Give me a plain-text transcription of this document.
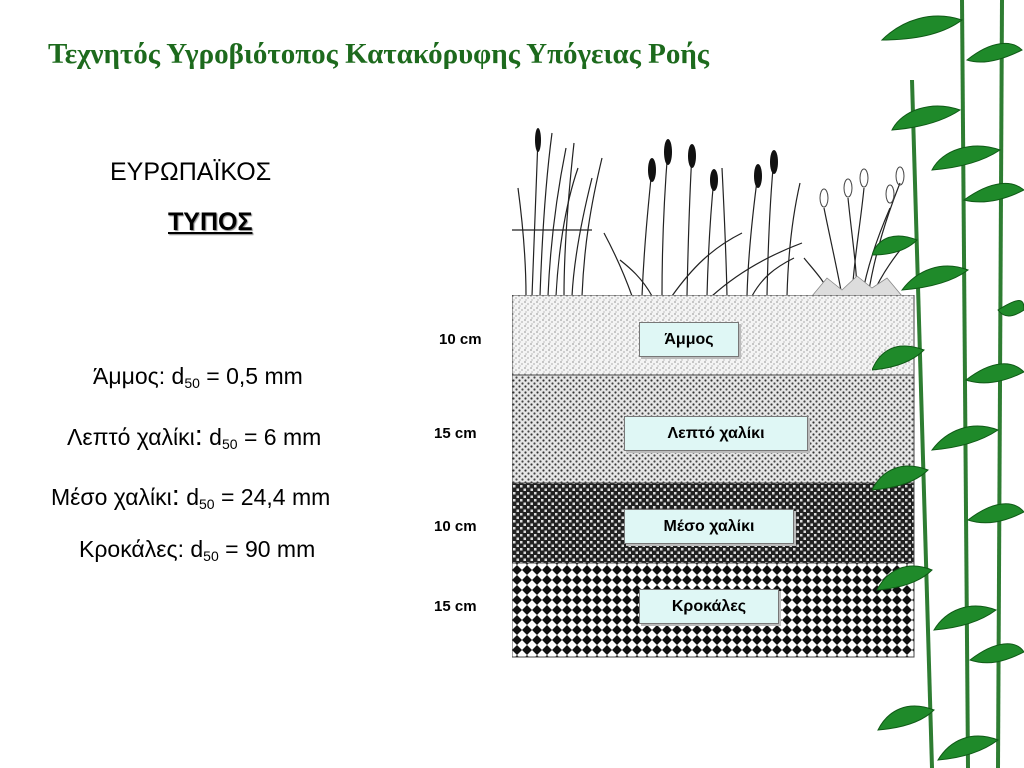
Τεχνητός Υγροβιότοπος Κατακόρυφης Υπόγειας Ροής
ΕΥΡΩΠΑΪΚΟΣ
ΤΥΠΟΣ
Άμμος: $d_{50} = 0,5$ mm
Λεπτό χαλίκι: $d_{50} = 6$ mm
Μέσο χαλίκι: $d_{50} = 24,4$ mm
Κροκάλες: $d_{50} = 90$ mm
10 cm
15 cm
10 cm
15 cm
Άμμος
Λεπτό χαλίκι
Μέσο χαλίκι
Κροκάλες
